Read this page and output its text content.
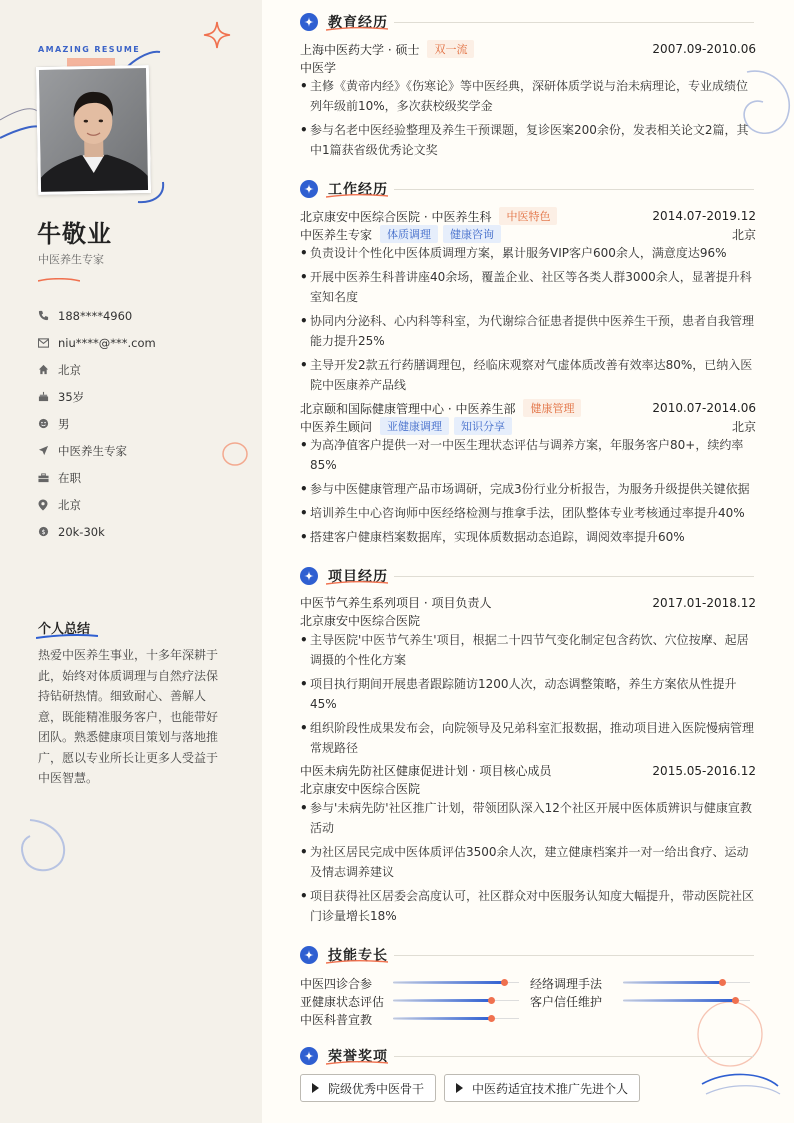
AMAZING RESUME
牛敬业
中医养生专家
188****4960
niu****@***.com
北京
35岁
男
中医养生专家
在职
北京
$ 20k-30k
个人总结
热爱中医养生事业，十多年深耕于此，始终对体质调理与自然疗法保持钻研热情。细致耐心、善解人意，既能精准服务客户，也能带好团队。熟悉健康项目策划与落地推广，愿以专业所长让更多人受益于中医智慧。
教育经历
上海中医药大学 · 硕士	双一流	2007.09-2010.06
中医学
• 主修《黄帝内经》《伤寒论》等中医经典，深研体质学说与治未病理论，专业成绩位列年级前10%，多次获校级奖学金
• 参与名老中医经验整理及养生干预课题，复诊医案200余份，发表相关论文2篇，其中1篇获省级优秀论文奖
工作经历
北京康安中医综合医院 · 中医养生科	中医特色	2014.07-2019.12
中医养生专家	体质调理	健康咨询	北京
• 负责设计个性化中医体质调理方案，累计服务VIP客户600余人，满意度达96%
• 开展中医养生科普讲座40余场，覆盖企业、社区等各类人群3000余人，显著提升科室知名度
• 协同内分泌科、心内科等科室，为代谢综合征患者提供中医养生干预，患者自我管理能力提升25%
• 主导开发2款五行药膳调理包，经临床观察对气虚体质改善有效率达80%，已纳入医院中医康养产品线
北京颐和国际健康管理中心 · 中医养生部	健康管理	2010.07-2014.06
中医养生顾问	亚健康调理	知识分享	北京
• 为高净值客户提供一对一中医生理状态评估与调养方案，年服务客户80+，续约率85%
• 参与中医健康管理产品市场调研，完成3份行业分析报告，为服务升级提供关键依据
• 培训养生中心咨询师中医经络检测与推拿手法，团队整体专业考核通过率提升40%
• 搭建客户健康档案数据库，实现体质数据动态追踪，调阅效率提升60%
项目经历
中医节气养生系列项目 · 项目负责人	2017.01-2018.12
北京康安中医综合医院
• 主导医院'中医节气养生'项目，根据二十四节气变化制定包含药饮、穴位按摩、起居调摄的个性化方案
• 项目执行期间开展患者跟踪随访1200人次，动态调整策略，养生方案依从性提升45%
• 组织阶段性成果发布会，向院领导及兄弟科室汇报数据，推动项目进入医院慢病管理常规路径
中医未病先防社区健康促进计划 · 项目核心成员	2015.05-2016.12
北京康安中医综合医院
• 参与'未病先防'社区推广计划，带领团队深入12个社区开展中医体质辨识与健康宣教活动
• 为社区居民完成中医体质评估3500余人次，建立健康档案并一对一给出食疗、运动及情志调养建议
• 项目获得社区居委会高度认可，社区群众对中医服务认知度大幅提升，带动医院社区门诊量增长18%
技能专长
中医四诊合参	经络调理手法
亚健康状态评估	客户信任维护
中医科普宣教
荣誉奖项
院级优秀中医骨干	中医药适宜技术推广先进个人
